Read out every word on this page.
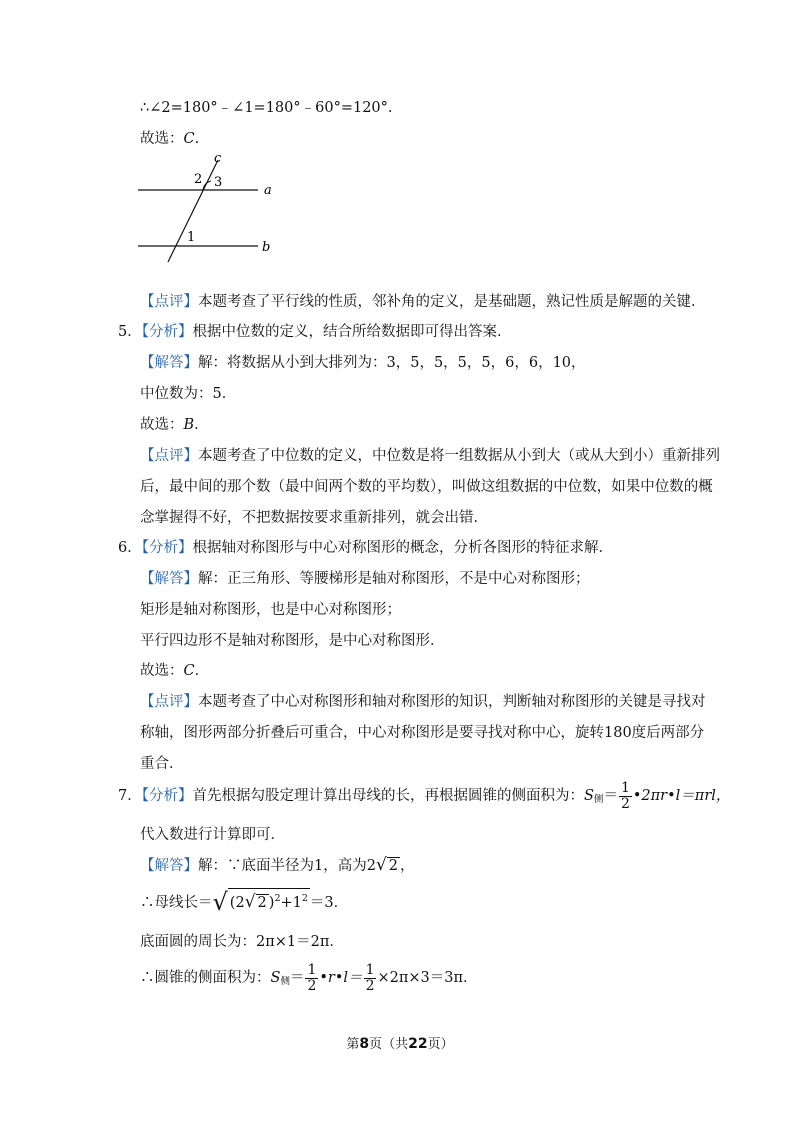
∴∠2=180°﹣∠1=180°﹣60°=120°.
故选：C.
c
2 3
a
1
b
【点评】本题考查了平行线的性质，邻补角的定义，是基础题，熟记性质是解题的关键．
5．【分析】根据中位数的定义，结合所给数据即可得出答案．
【解答】解：将数据从小到大排列为：3，5，5，5，5，6，6，10，
中位数为：5．
故选：B．
【点评】本题考查了中位数的定义，中位数是将一组数据从小到大（或从大到小）重新排列
后，最中间的那个数（最中间两个数的平均数），叫做这组数据的中位数，如果中位数的概
念掌握得不好，不把数据按要求重新排列，就会出错．
6．【分析】根据轴对称图形与中心对称图形的概念，分析各图形的特征求解．
【解答】解：正三角形、等腰梯形是轴对称图形，不是中心对称图形；
矩形是轴对称图形，也是中心对称图形；
平行四边形不是轴对称图形，是中心对称图形．
故选：C．
【点评】本题考查了中心对称图形和轴对称图形的知识，判断轴对称图形的关键是寻找对
称轴，图形两部分折叠后可重合，中心对称图形是要寻找对称中心，旋转180度后两部分
重合．
7．【分析】首先根据勾股定理计算出母线的长，再根据圆锥的侧面积为：$S_侧= \frac{1}{2}$ •2πr•l＝πrl，
代入数进行计算即可．
【解答】解：∵底面半径为1，高为2√ 2 ，
∴母线长＝√ (2√ 2 )$^2+1^2 =3$．
底面圆的周长为：2π×1＝2π．
∴圆锥的侧面积为：$S_侧= \frac{1}{2}$ •r•l＝ $\frac{1}{2} \times 2\pi\times 3=3\pi$．
第8页（共22页）
